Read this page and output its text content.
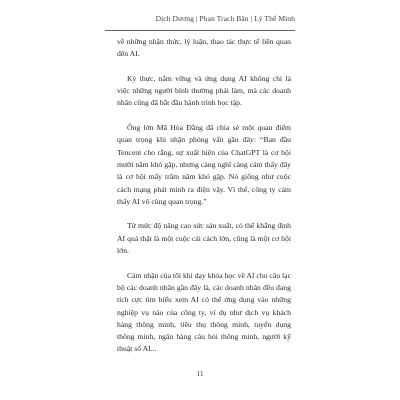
Dịch Dương | Phan Trạch Bân | Lý Thế Minh

về những nhận thức, lý luận, thao tác thực tế liên quan đến AI.

Kỳ thực, nắm vững và ứng dụng AI không chỉ là việc những người bình thường phải làm, mà các doanh nhân cũng đã bắt đầu hành trình học tập.

Ông lớn Mã Hóa Đằng đã chia sẻ một quan điểm quan trọng khi nhận phỏng vấn gần đây: “Ban đầu Tencent cho rằng, sự xuất hiện của ChatGPT là cơ hội mười năm khó gặp, nhưng càng nghĩ càng cảm thấy đây là cơ hội mấy trăm năm khó gặp. Nó giống như cuộc cách mạng phát minh ra điện vậy. Vì thế, công ty cảm thấy AI vô cùng quan trọng.”

Từ mức độ nâng cao sức sản xuất, có thể khẳng định AI quả thật là một cuộc cải cách lớn, cũng là một cơ hội lớn.

Cảm nhận của tôi khi dạy khóa học về AI cho câu lạc bộ các doanh nhân gần đây là, các doanh nhân đều đang tích cực tìm hiểu xem AI có thể ứng dụng vào những nghiệp vụ nào của công ty, ví dụ như dịch vụ khách hàng thông minh, tiêu thụ thông minh, tuyển dụng thông minh, ngân hàng câu hỏi thông minh, người kỹ thuật số AI...

11
